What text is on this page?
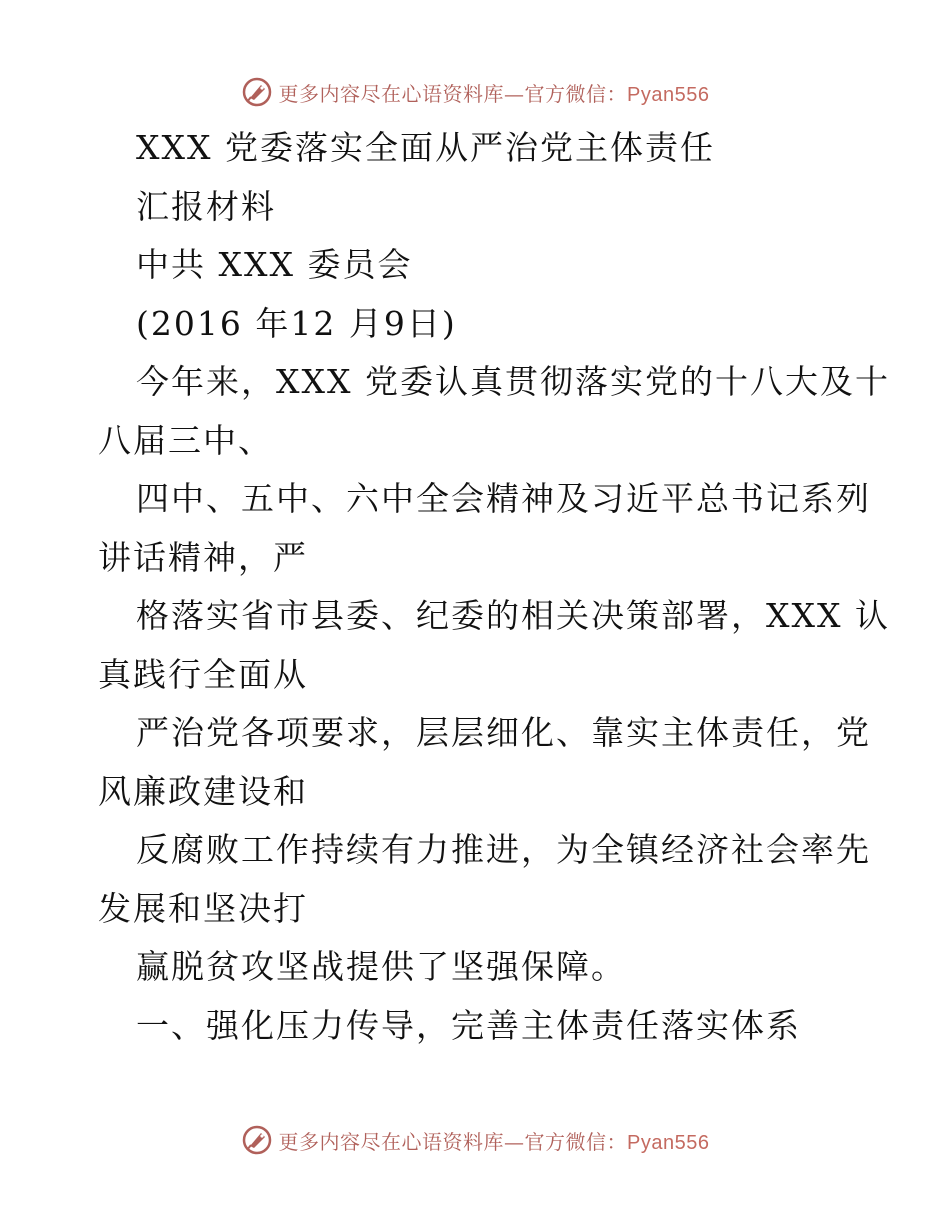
更多内容尽在心语资料库—官方微信：Pyan556
XXX 党委落实全面从严治党主体责任
汇报材料
中共 XXX 委员会
(2016 年12 月9日)
今年来，XXX 党委认真贯彻落实党的十八大及十
八届三中、
四中、五中、六中全会精神及习近平总书记系列
讲话精神，严
格落实省市县委、纪委的相关决策部署，XXX 认
真践行全面从
严治党各项要求，层层细化、靠实主体责任，党
风廉政建设和
反腐败工作持续有力推进，为全镇经济社会率先
发展和坚决打
赢脱贫攻坚战提供了坚强保障。
一、强化压力传导，完善主体责任落实体系
更多内容尽在心语资料库—官方微信：Pyan556
